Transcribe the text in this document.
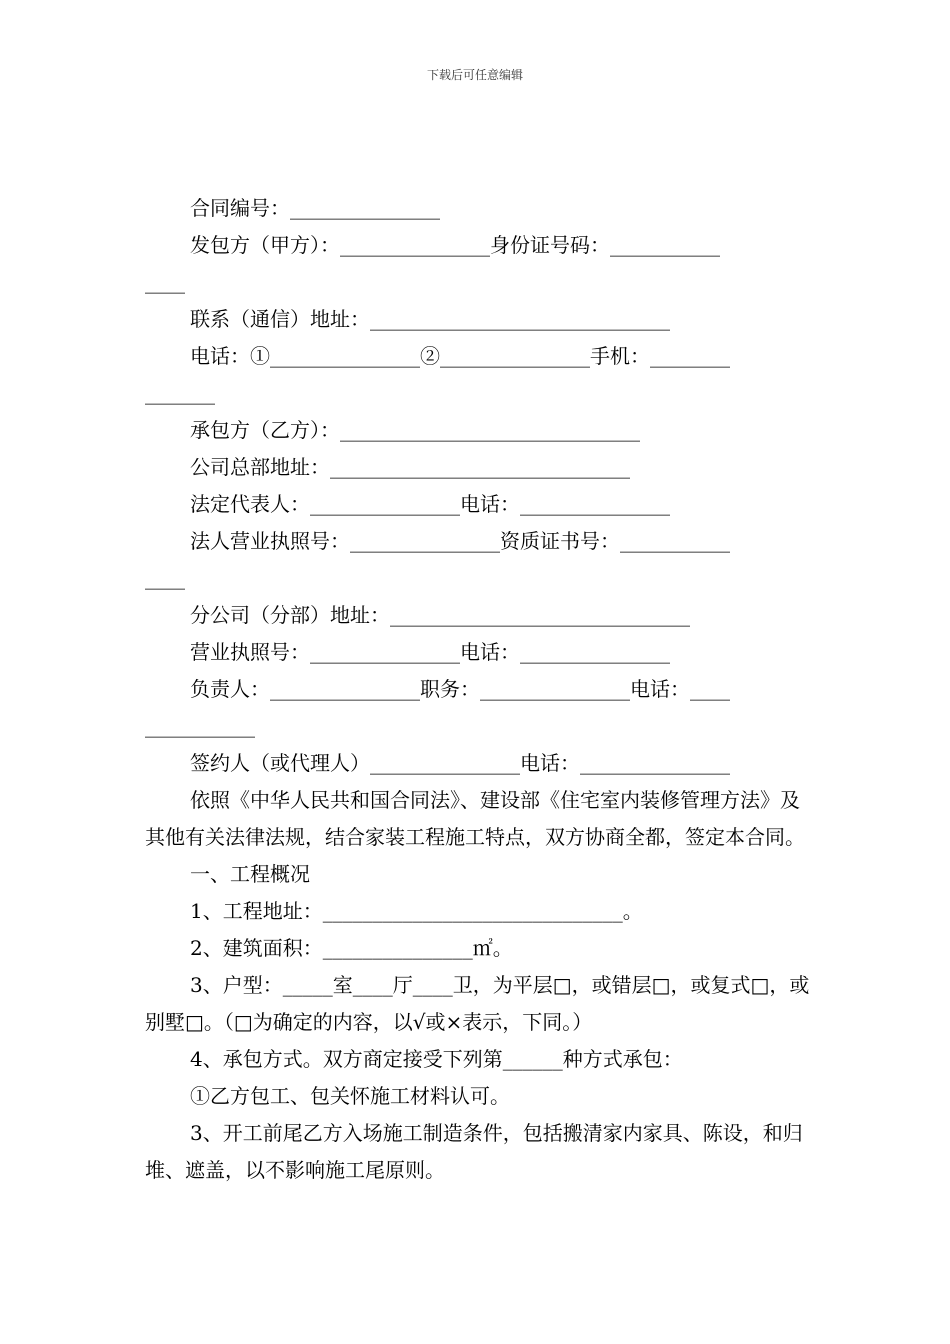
下载后可任意编辑
合同编号：_______________
发包方（甲方）：_______________身份证号码：___________
____
联系（通信）地址：______________________________
电话：①_______________②_______________手机：________
_______
承包方（乙方）：______________________________
公司总部地址：______________________________
法定代表人：_______________电话：_______________
法人营业执照号：_______________资质证书号：___________
____
分公司（分部）地址：______________________________
营业执照号：_______________电话：_______________
负责人：_______________职务：_______________电话：____
___________
签约人（或代理人）_______________电话：_______________
依照《中华人民共和国合同法》、建设部《住宅室内装修管理方法》及其他有关法律法规，结合家装工程施工特点，双方协商全都，签定本合同。
一、工程概况
1、工程地址：______________________________。
2、建筑面积：_______________㎡。
3、户型：_____室____厅____卫，为平层□，或错层□，或复式□，或别墅□。（□为确定的内容，以√或×表示，下同。）
4、承包方式。双方商定接受下列第______种方式承包：
①乙方包工、包关怀施工材料认可。
3、开工前尾乙方入场施工制造条件，包括搬清家内家具、陈设，和归堆、遮盖，以不影响施工尾原则。
